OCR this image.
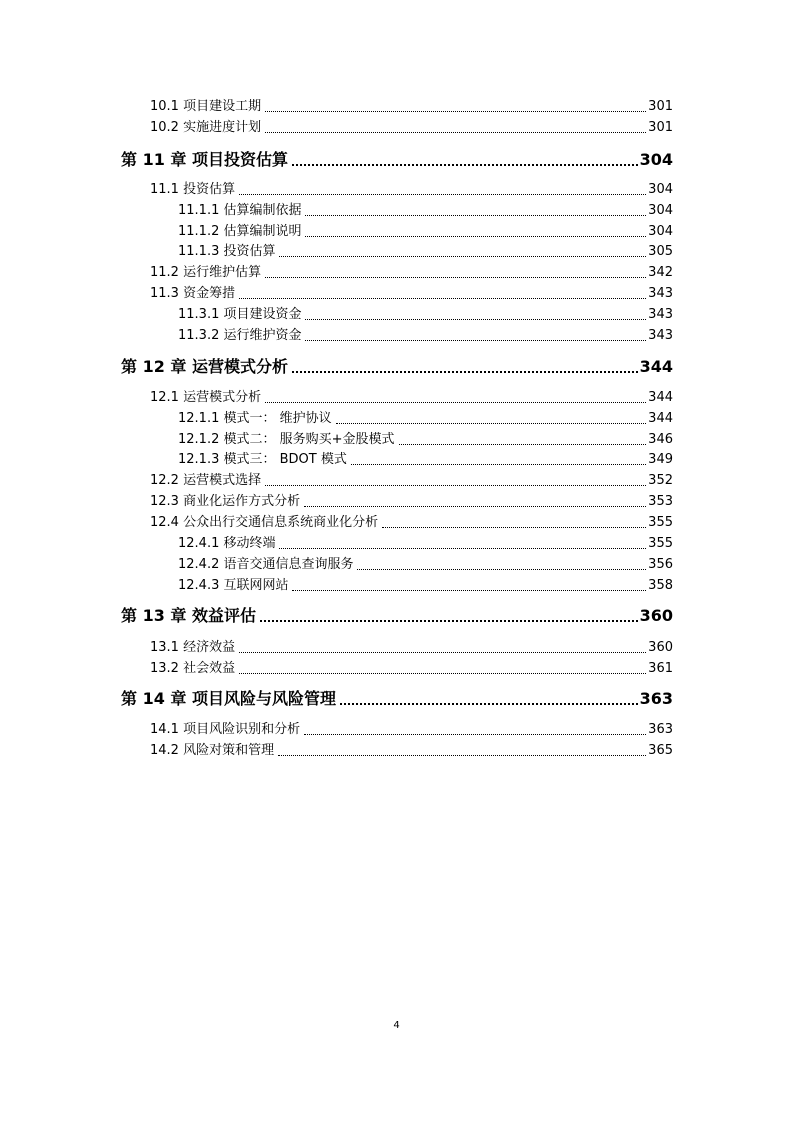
10.1 项目建设工期	301
10.2 实施进度计划	301
第 11 章 项目投资估算	304
11.1 投资估算	304
11.1.1 估算编制依据	304
11.1.2 估算编制说明	304
11.1.3 投资估算	305
11.2 运行维护估算	342
11.3 资金筹措	343
11.3.1 项目建设资金	343
11.3.2 运行维护资金	343
第 12 章 运营模式分析	344
12.1 运营模式分析	344
12.1.1 模式一： 维护协议	344
12.1.2 模式二： 服务购买+金股模式	346
12.1.3 模式三： BDOT 模式	349
12.2 运营模式选择	352
12.3 商业化运作方式分析	353
12.4 公众出行交通信息系统商业化分析	355
12.4.1 移动终端	355
12.4.2 语音交通信息查询服务	356
12.4.3 互联网网站	358
第 13 章 效益评估	360
13.1 经济效益	360
13.2 社会效益	361
第 14 章 项目风险与风险管理	363
14.1 项目风险识别和分析	363
14.2 风险对策和管理	365
4
